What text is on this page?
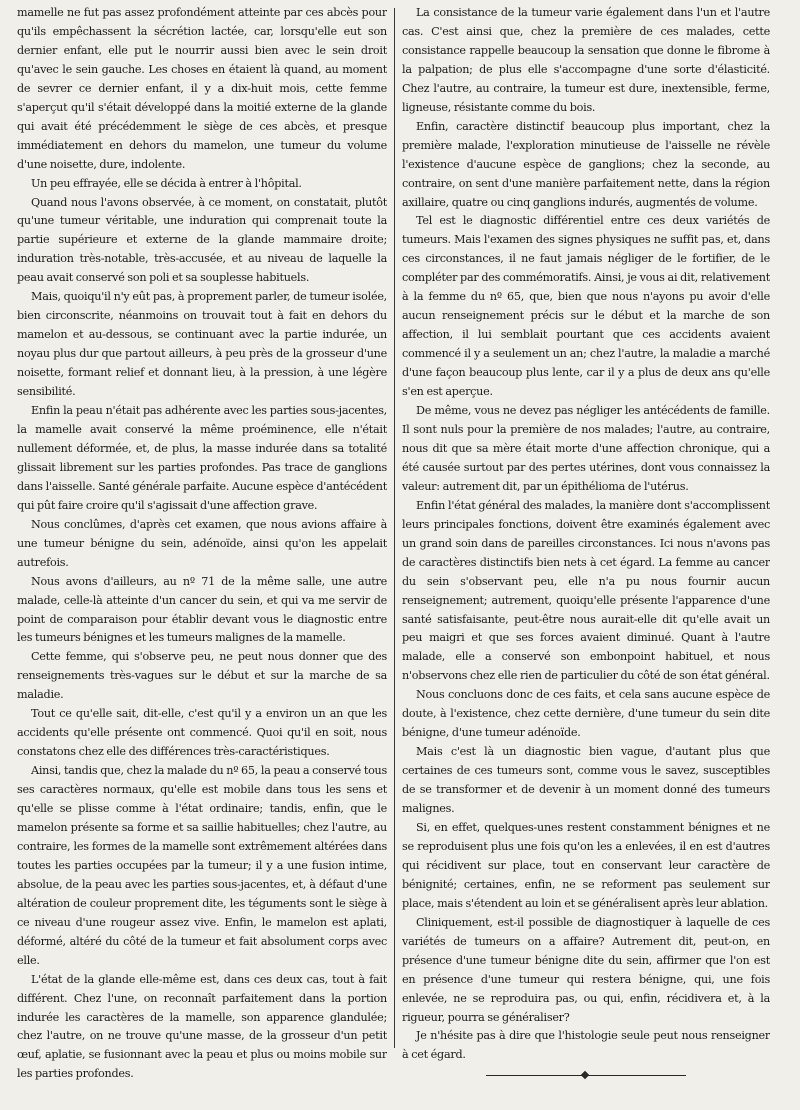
mamelle ne fut pas assez profondément atteinte par ces abcès pour qu'ils empêchassent la sécrétion lactée, car, lorsqu'elle eut son dernier enfant, elle put le nourrir aussi bien avec le sein droit qu'avec le sein gauche. Les choses en étaient là quand, au moment de sevrer ce dernier enfant, il y a dix-huit mois, cette femme s'aperçut qu'il s'était développé dans la moitié externe de la glande qui avait été précédemment le siège de ces abcès, et presque immédiatement en dehors du mamelon, une tumeur du volume d'une noisette, dure, indolente.

Un peu effrayée, elle se décida à entrer à l'hôpital.

Quand nous l'avons observée, à ce moment, on constatait, plutôt qu'une tumeur véritable, une induration qui comprenait toute la partie supérieure et externe de la glande mammaire droite; induration très-notable, très-accusée, et au niveau de laquelle la peau avait conservé son poli et sa souplesse habituels.

Mais, quoiqu'il n'y eût pas, à proprement parler, de tumeur isolée, bien circonscrite, néanmoins on trouvait tout à fait en dehors du mamelon et au-dessous, se continuant avec la partie indurée, un noyau plus dur que partout ailleurs, à peu près de la grosseur d'une noisette, formant relief et donnant lieu, à la pression, à une légère sensibilité.

Enfin la peau n'était pas adhérente avec les parties sous-jacentes, la mamelle avait conservé la même proéminence, elle n'était nullement déformée, et, de plus, la masse indurée dans sa totalité glissait librement sur les parties profondes. Pas trace de ganglions dans l'aisselle. Santé générale parfaite. Aucune espèce d'antécédent qui pût faire croire qu'il s'agissait d'une affection grave.

Nous conclûmes, d'après cet examen, que nous avions affaire à une tumeur bénigne du sein, adénoïde, ainsi qu'on les appelait autrefois.

Nous avons d'ailleurs, au nº 71 de la même salle, une autre malade, celle-là atteinte d'un cancer du sein, et qui va me servir de point de comparaison pour établir devant vous le diagnostic entre les tumeurs bénignes et les tumeurs malignes de la mamelle.

Cette femme, qui s'observe peu, ne peut nous donner que des renseignements très-vagues sur le début et sur la marche de sa maladie.

Tout ce qu'elle sait, dit-elle, c'est qu'il y a environ un an que les accidents qu'elle présente ont commencé. Quoi qu'il en soit, nous constatons chez elle des différences très-caractéristiques.

Ainsi, tandis que, chez la malade du nº 65, la peau a conservé tous ses caractères normaux, qu'elle est mobile dans tous les sens et qu'elle se plisse comme à l'état ordinaire; tandis, enfin, que le mamelon présente sa forme et sa saillie habituelles; chez l'autre, au contraire, les formes de la mamelle sont extrêmement altérées dans toutes les parties occupées par la tumeur; il y a une fusion intime, absolue, de la peau avec les parties sous-jacentes, et, à défaut d'une altération de couleur proprement dite, les téguments sont le siège à ce niveau d'une rougeur assez vive. Enfin, le mamelon est aplati, déformé, altéré du côté de la tumeur et fait absolument corps avec elle.

L'état de la glande elle-même est, dans ces deux cas, tout à fait différent. Chez l'une, on reconnaît parfaitement dans la portion indurée les caractères de la mamelle, son apparence glandulée; chez l'autre, on ne trouve qu'une masse, de la grosseur d'un petit œuf, aplatie, se fusionnant avec la peau et plus ou moins mobile sur les parties profondes.

La consistance de la tumeur varie également dans l'un et l'autre cas. C'est ainsi que, chez la première de ces malades, cette consistance rappelle beaucoup la sensation que donne le fibrome à la palpation; de plus elle s'accompagne d'une sorte d'élasticité. Chez l'autre, au contraire, la tumeur est dure, inextensible, ferme, ligneuse, résistante comme du bois.

Enfin, caractère distinctif beaucoup plus important, chez la première malade, l'exploration minutieuse de l'aisselle ne révèle l'existence d'aucune espèce de ganglions; chez la seconde, au contraire, on sent d'une manière parfaitement nette, dans la région axillaire, quatre ou cinq ganglions indurés, augmentés de volume.

Tel est le diagnostic différentiel entre ces deux variétés de tumeurs. Mais l'examen des signes physiques ne suffit pas, et, dans ces circonstances, il ne faut jamais négliger de le fortifier, de le compléter par des commémoratifs. Ainsi, je vous ai dit, relativement à la femme du nº 65, que, bien que nous n'ayons pu avoir d'elle aucun renseignement précis sur le début et la marche de son affection, il lui semblait pourtant que ces accidents avaient commencé il y a seulement un an; chez l'autre, la maladie a marché d'une façon beaucoup plus lente, car il y a plus de deux ans qu'elle s'en est aperçue.

De même, vous ne devez pas négliger les antécédents de famille. Il sont nuls pour la première de nos malades; l'autre, au contraire, nous dit que sa mère était morte d'une affection chronique, qui a été causée surtout par des pertes utérines, dont vous connaissez la valeur: autrement dit, par un épithélioma de l'utérus.

Enfin l'état général des malades, la manière dont s'accomplissent leurs principales fonctions, doivent être examinés également avec un grand soin dans de pareilles circonstances. Ici nous n'avons pas de caractères distinctifs bien nets à cet égard. La femme au cancer du sein s'observant peu, elle n'a pu nous fournir aucun renseignement; autrement, quoiqu'elle présente l'apparence d'une santé satisfaisante, peut-être nous aurait-elle dit qu'elle avait un peu maigri et que ses forces avaient diminué. Quant à l'autre malade, elle a conservé son embonpoint habituel, et nous n'observons chez elle rien de particulier du côté de son état général.

Nous concluons donc de ces faits, et cela sans aucune espèce de doute, à l'existence, chez cette dernière, d'une tumeur du sein dite bénigne, d'une tumeur adénoïde.

Mais c'est là un diagnostic bien vague, d'autant plus que certaines de ces tumeurs sont, comme vous le savez, susceptibles de se transformer et de devenir à un moment donné des tumeurs malignes.

Si, en effet, quelques-unes restent constamment bénignes et ne se reproduisent plus une fois qu'on les a enlevées, il en est d'autres qui récidivent sur place, tout en conservant leur caractère de bénignité; certaines, enfin, ne se reforment pas seulement sur place, mais s'étendent au loin et se généralisent après leur ablation.

Cliniquement, est-il possible de diagnostiquer à laquelle de ces variétés de tumeurs on a affaire? Autrement dit, peut-on, en présence d'une tumeur bénigne dite du sein, affirmer que l'on est en présence d'une tumeur qui restera bénigne, qui, une fois enlevée, ne se reproduira pas, ou qui, enfin, récidivera et, à la rigueur, pourra se généraliser?

Je n'hésite pas à dire que l'histologie seule peut nous renseigner à cet égard.
